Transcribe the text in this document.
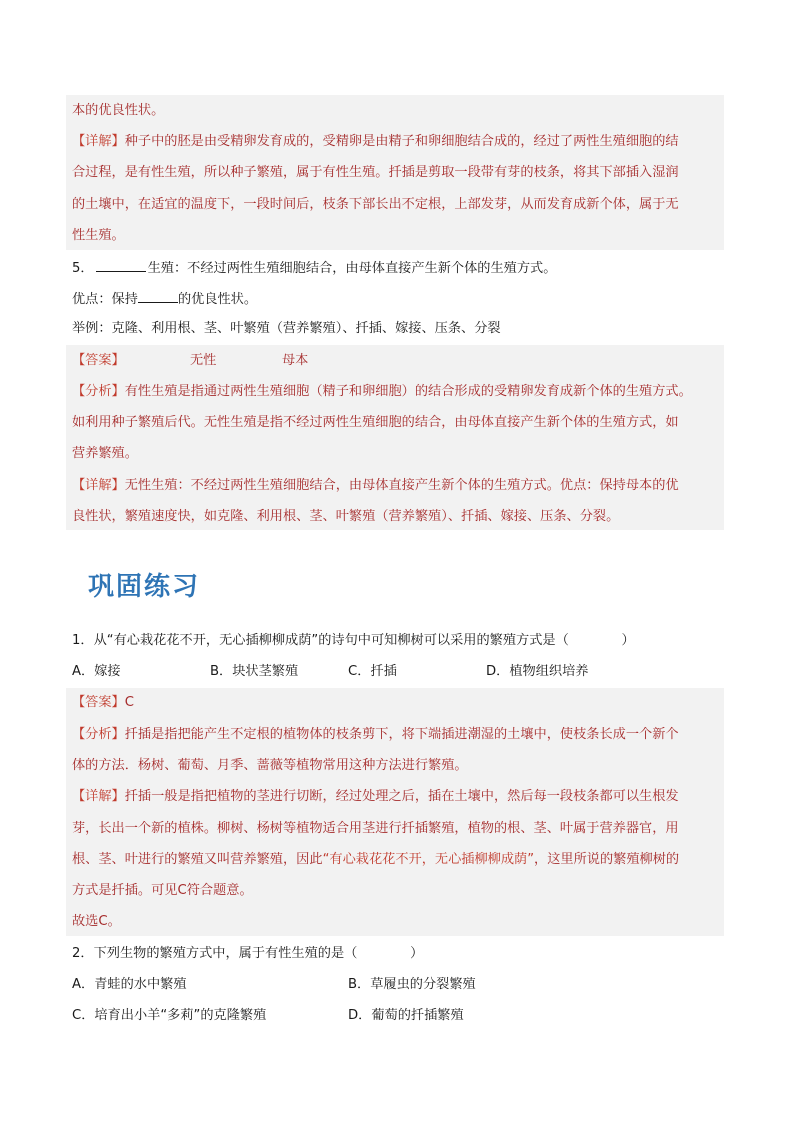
本的优良性状。
【详解】种子中的胚是由受精卵发育成的，受精卵是由精子和卵细胞结合成的，经过了两性生殖细胞的结
合过程，是有性生殖，所以种子繁殖，属于有性生殖。扦插是剪取一段带有芽的枝条，将其下部插入湿润
的土壤中，在适宜的温度下，一段时间后，枝条下部长出不定根，上部发芽，从而发育成新个体，属于无
性生殖。
5．	生殖：不经过两性生殖细胞结合，由母体直接产生新个体的生殖方式。
优点：保持	的优良性状。
举例：克隆、利用根、茎、叶繁殖（营养繁殖）、扦插、嫁接、压条、分裂
【答案】	无性	母本
【分析】有性生殖是指通过两性生殖细胞（精子和卵细胞）的结合形成的受精卵发育成新个体的生殖方式。
如利用种子繁殖后代。无性生殖是指不经过两性生殖细胞的结合，由母体直接产生新个体的生殖方式，如
营养繁殖。
【详解】无性生殖：不经过两性生殖细胞结合，由母体直接产生新个体的生殖方式。优点：保持母本的优
良性状，繁殖速度快，如克隆、利用根、茎、叶繁殖（营养繁殖）、扦插、嫁接、压条、分裂。
巩固练习
1．从“有心栽花花不开，无心插柳柳成荫”的诗句中可知柳树可以采用的繁殖方式是（　　　　）
A．嫁接	B．块状茎繁殖	C．扦插	D．植物组织培养
【答案】C
【分析】扦插是指把能产生不定根的植物体的枝条剪下，将下端插进潮湿的土壤中，使枝条长成一个新个
体的方法．杨树、葡萄、月季、蔷薇等植物常用这种方法进行繁殖。
【详解】扦插一般是指把植物的茎进行切断，经过处理之后，插在土壤中，然后每一段枝条都可以生根发
芽，长出一个新的植株。柳树、杨树等植物适合用茎进行扦插繁殖，植物的根、茎、叶属于营养器官，用
根、茎、叶进行的繁殖又叫营养繁殖，因此“有心栽花花不开，无心插柳柳成荫”，这里所说的繁殖柳树的
方式是扦插。可见C符合题意。
故选C。
2．下列生物的繁殖方式中，属于有性生殖的是（　　　　）
A．青蛙的水中繁殖	B．草履虫的分裂繁殖
C．培育出小羊“多莉”的克隆繁殖	D．葡萄的扦插繁殖
